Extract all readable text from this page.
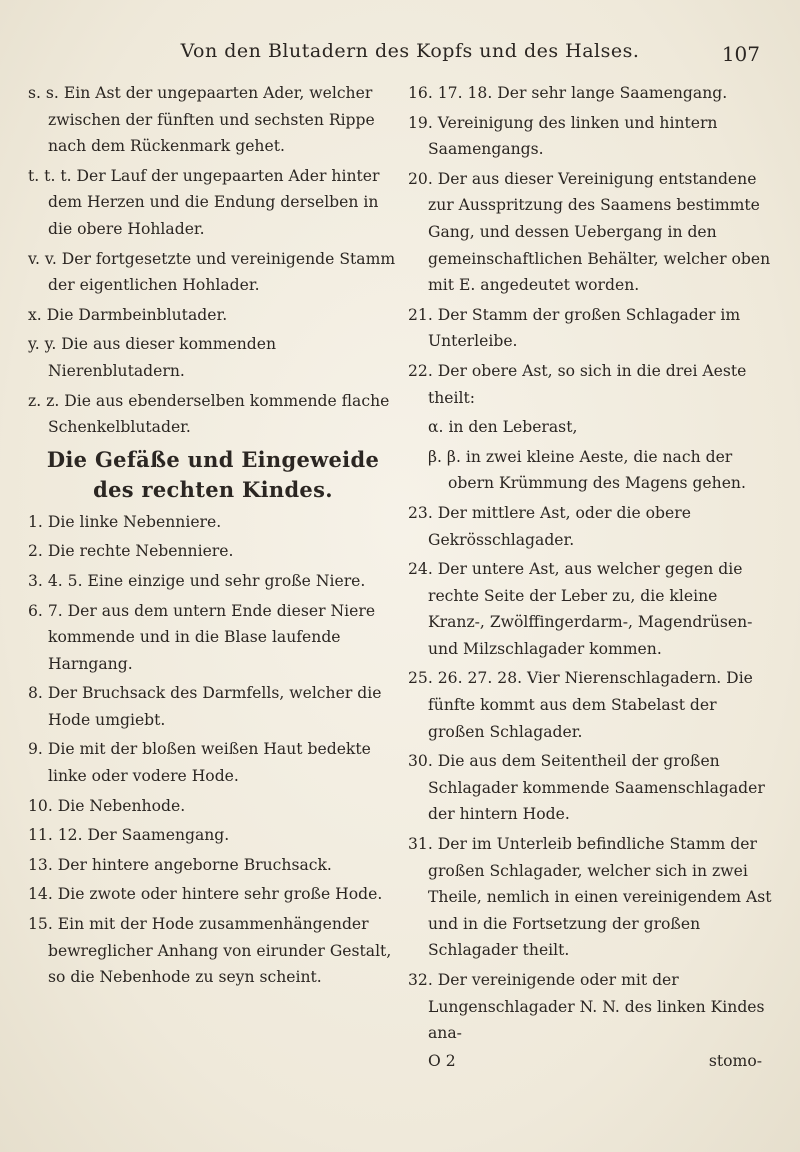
Von den Blutadern des Kopfs und des Halses.	107

s. s. Ein Ast der ungepaarten Ader, welcher zwischen der fünften und sechsten Rippe nach dem Rückenmark gehet.

t. t. t. Der Lauf der ungepaarten Ader hinter dem Herzen und die Endung derselben in die obere Hohlader.

v. v. Der fortgesetzte und vereinigende Stamm der eigentlichen Hohlader.

x. Die Darmbeinblutader.

y. y. Die aus dieser kommenden Nierenblutadern.

z. z. Die aus ebenderselben kommende flache Schenkelblutader.

Die Gefäße und Eingeweide des rechten Kindes.

1. Die linke Nebenniere.

2. Die rechte Nebenniere.

3. 4. 5. Eine einzige und sehr große Niere.

6. 7. Der aus dem untern Ende dieser Niere kommende und in die Blase laufende Harngang.

8. Der Bruchsack des Darmfells, welcher die Hode umgiebt.

9. Die mit der bloßen weißen Haut bedekte linke oder vodere Hode.

10. Die Nebenhode.

11. 12. Der Saamengang.

13. Der hintere angeborne Bruchsack.

14. Die zwote oder hintere sehr große Hode.

15. Ein mit der Hode zusammenhängender bewreglicher Anhang von eirunder Gestalt, so die Nebenhode zu seyn scheint.

16. 17. 18. Der sehr lange Saamengang.

19. Vereinigung des linken und hintern Saamengangs.

20. Der aus dieser Vereinigung entstandene zur Ausspritzung des Saamens bestimmte Gang, und dessen Uebergang in den gemeinschaftlichen Behälter, welcher oben mit E. angedeutet worden.

21. Der Stamm der großen Schlagader im Unterleibe.

22. Der obere Ast, so sich in die drei Aeste theilt:

α. in den Leberast,

β. β. in zwei kleine Aeste, die nach der obern Krümmung des Magens gehen.

23. Der mittlere Ast, oder die obere Gekrösschlagader.

24. Der untere Ast, aus welcher gegen die rechte Seite der Leber zu, die kleine Kranz-, Zwölffingerdarm-, Magendrüsen- und Milzschlagader kommen.

25. 26. 27. 28. Vier Nierenschlagadern. Die fünfte kommt aus dem Stabelast der großen Schlagader.

30. Die aus dem Seitentheil der großen Schlagader kommende Saamenschlagader der hintern Hode.

31. Der im Unterleib befindliche Stamm der großen Schlagader, welcher sich in zwei Theile, nemlich in einen vereinigendem Ast und in die Fortsetzung der großen Schlagader theilt.

32. Der vereinigende oder mit der Lungenschlagader N. N. des linken Kindes ana-

O 2	stomo-
